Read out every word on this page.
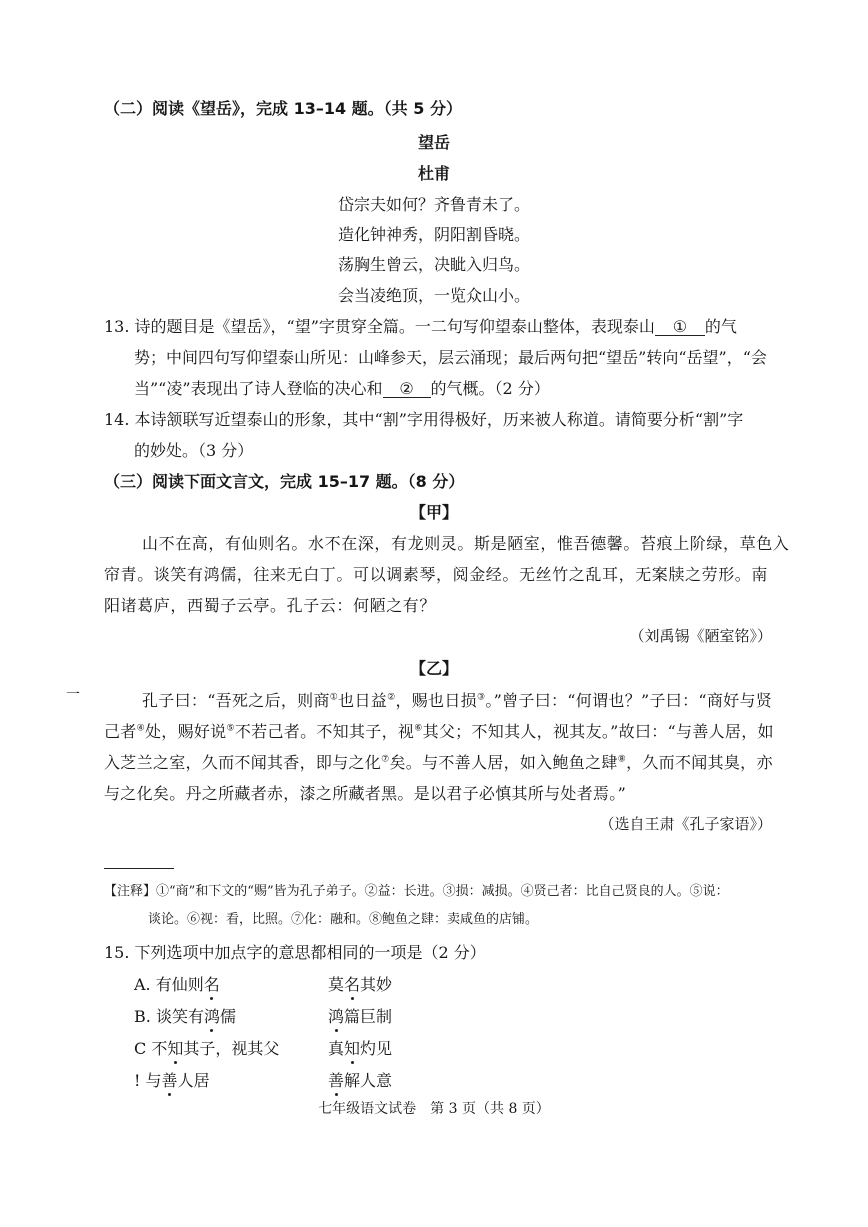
（二）阅读《望岳》，完成 13–14 题。（共 5 分）
望岳
杜甫
岱宗夫如何？齐鲁青未了。
造化钟神秀，阴阳割昏晓。
荡胸生曾云，决眦入归鸟。
会当凌绝顶，一览众山小。
13. 诗的题目是《望岳》，“望”字贯穿全篇。一二句写仰望泰山整体，表现泰山 ① 的气
势；中间四句写仰望泰山所见：山峰参天，层云涌现；最后两句把“望岳”转向“岳望”，“会
当”“凌”表现出了诗人登临的决心和 ② 的气概。（2 分）
14. 本诗颔联写近望泰山的形象，其中“割”字用得极好，历来被人称道。请简要分析“割”字
的妙处。（3 分）
（三）阅读下面文言文，完成 15–17 题。（8 分）
【甲】
山不在高，有仙则名。水不在深，有龙则灵。斯是陋室，惟吾德馨。苔痕上阶绿，草色入
帘青。谈笑有鸿儒，往来无白丁。可以调素琴，阅金经。无丝竹之乱耳，无案牍之劳形。南
阳诸葛庐，西蜀子云亭。孔子云：何陋之有？
（刘禹锡《陋室铭》）
【乙】
一	孔子曰：“吾死之后，则商①也日益②，赐也日损③。”曾子曰：“何谓也？”子曰：“商好与贤
己者④处，赐好说⑤不若己者。不知其子，视⑥其父；不知其人，视其友。”故曰：“与善人居，如
入芝兰之室，久而不闻其香，即与之化⑦矣。与不善人居，如入鲍鱼之肆⑧，久而不闻其臭，亦
与之化矣。丹之所藏者赤，漆之所藏者黑。是以君子必慎其所与处者焉。”
（选自王肃《孔子家语》）
【注释】①“商”和下文的“赐”皆为孔子弟子。②益：长进。③损：减损。④贤己者：比自己贤良的人。⑤说：
谈论。⑥视：看，比照。⑦化：融和。⑧鲍鱼之肆：卖咸鱼的店铺。
15. 下列选项中加点字的意思都相同的一项是（2 分）
A. 有仙则名	莫名其妙
B. 谈笑有鸿儒	鸿篇巨制
C 不知其子，视其父	真知灼见
! 与善人居	善解人意
七年级语文试卷　第 3 页（共 8 页）
